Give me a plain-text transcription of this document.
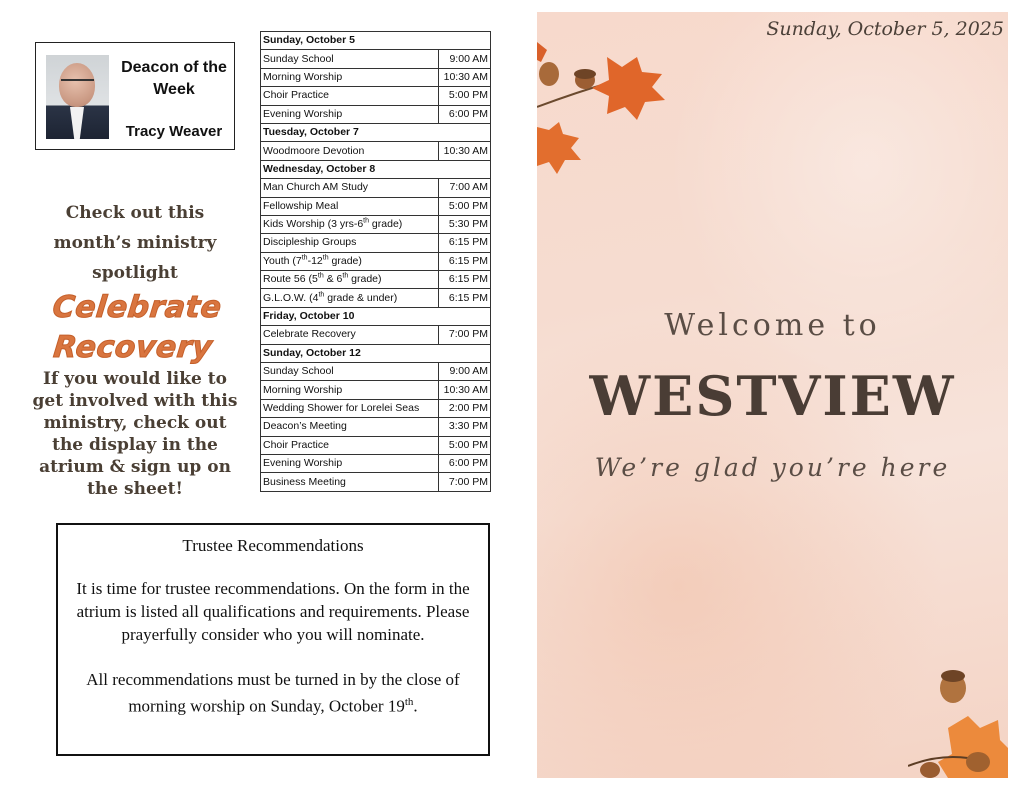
Deacon of the Week
Tracy Weaver
Check out this month’s ministry spotlight
Celebrate Recovery
If you would like to get involved with this ministry, check out the display in the atrium & sign up on the sheet!
Sunday, October 5	
Sunday School	9:00 AM
Morning Worship	10:30 AM
Choir Practice	5:00 PM
Evening Worship	6:00 PM
Tuesday, October 7	
Woodmoore Devotion	10:30 AM
Wednesday, October 8	
Man Church AM Study	7:00 AM
Fellowship Meal	5:00 PM
Kids Worship (3 yrs-6th grade)	5:30 PM
Discipleship Groups	6:15 PM
Youth (7th-12th grade)	6:15 PM
Route 56 (5th & 6th grade)	6:15 PM
G.L.O.W. (4th grade & under)	6:15 PM
Friday, October 10	
Celebrate Recovery	7:00 PM
Sunday, October 12	
Sunday School	9:00 AM
Morning Worship	10:30 AM
Wedding Shower for Lorelei Seas	2:00 PM
Deacon’s Meeting	3:30 PM
Choir Practice	5:00 PM
Evening Worship	6:00 PM
Business Meeting	7:00 PM
Trustee Recommendations
It is time for trustee recommendations. On the form in the atrium is listed all qualifications and requirements. Please prayerfully consider who you will nominate.
All recommendations must be turned in by the close of morning worship on Sunday, October 19th.
Sunday, October 5, 2025
Welcome to
WESTVIEW
We’re glad you’re here
